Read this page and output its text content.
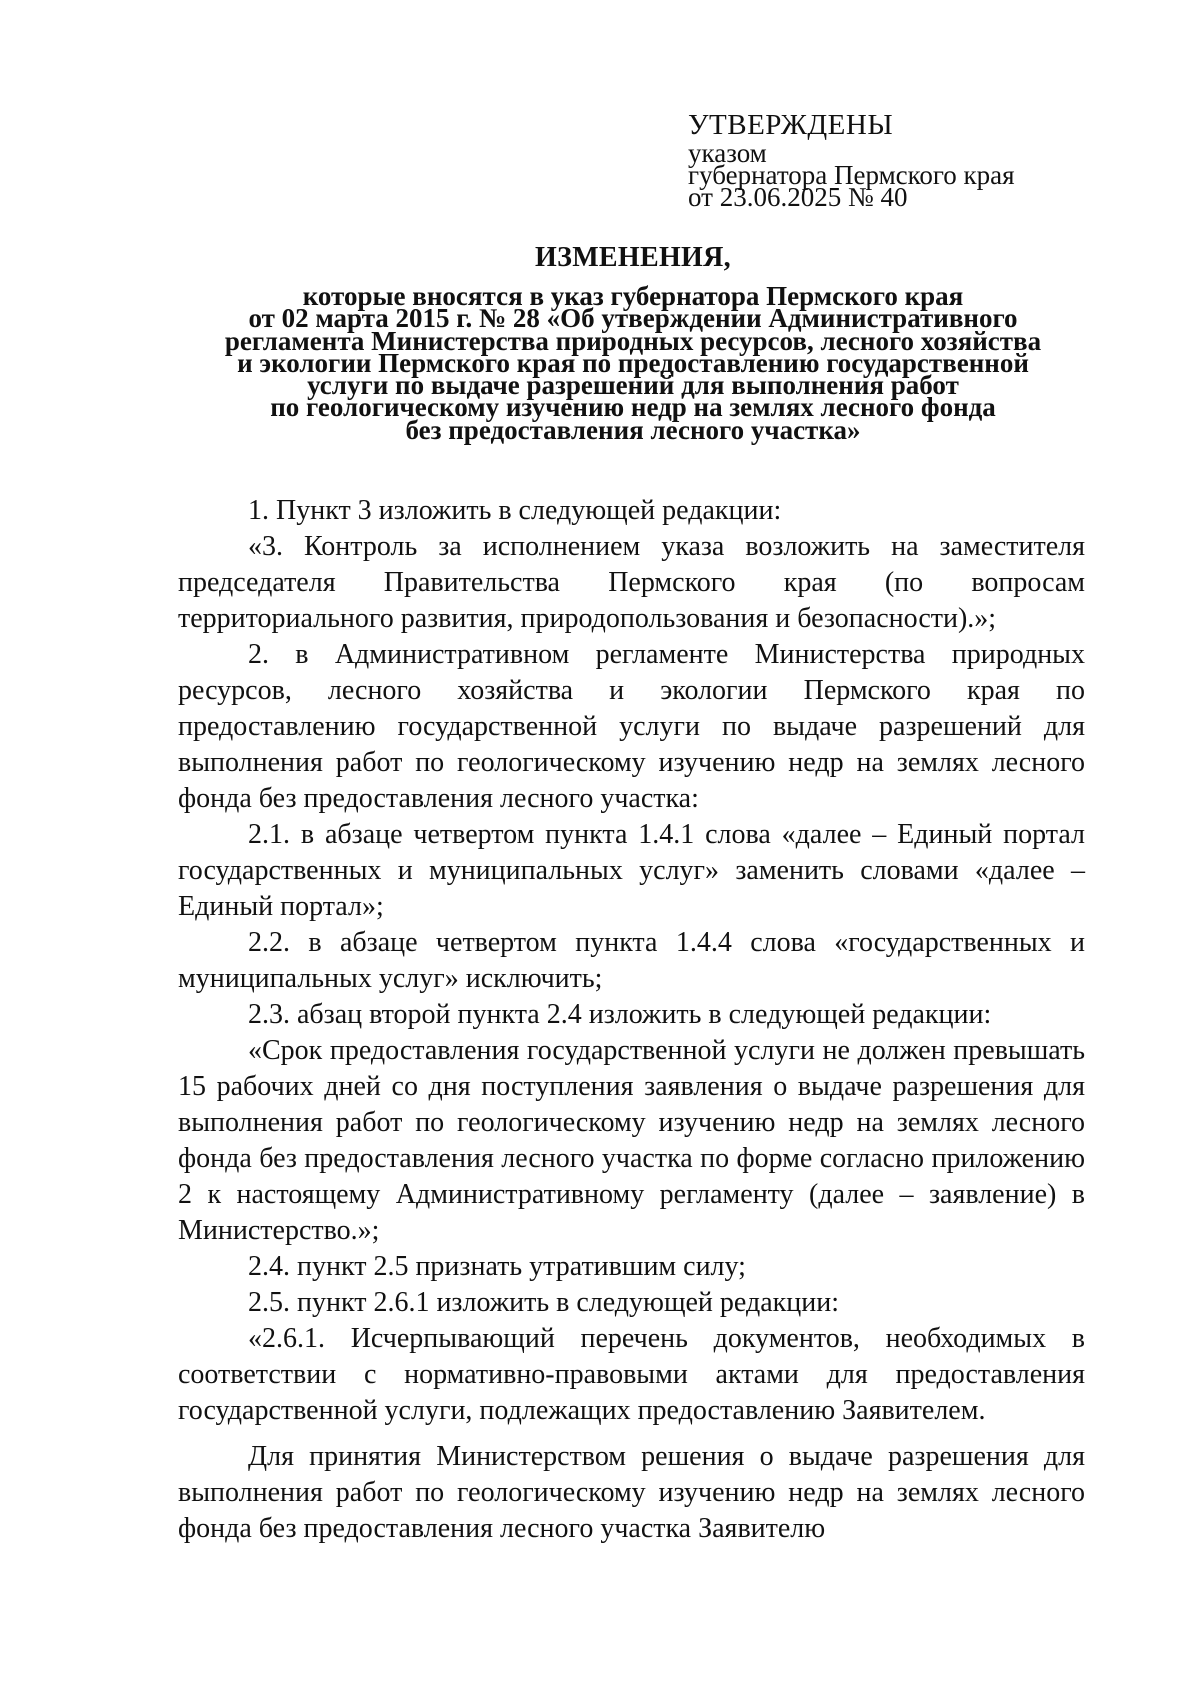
УТВЕРЖДЕНЫ
указом
губернатора Пермского края
от 23.06.2025 № 40
ИЗМЕНЕНИЯ,
которые вносятся в указ губернатора Пермского края
от 02 марта 2015 г. № 28 «Об утверждении Административного
регламента Министерства природных ресурсов, лесного хозяйства
и экологии Пермского края по предоставлению государственной
услуги по выдаче разрешений для выполнения работ
по геологическому изучению недр на землях лесного фонда
без предоставления лесного участка»

1. Пункт 3 изложить в следующей редакции:

«3. Контроль за исполнением указа возложить на заместителя председателя Правительства Пермского края (по вопросам территориального развития, природопользования и безопасности).»;

2. в Административном регламенте Министерства природных ресурсов, лесного хозяйства и экологии Пермского края по предоставлению государственной услуги по выдаче разрешений для выполнения работ по геологическому изучению недр на землях лесного фонда без предоставления лесного участка:

2.1. в абзаце четвертом пункта 1.4.1 слова «далее – Единый портал государственных и муниципальных услуг» заменить словами «далее – Единый портал»;

2.2. в абзаце четвертом пункта 1.4.4 слова «государственных и муниципальных услуг» исключить;

2.3. абзац второй пункта 2.4 изложить в следующей редакции:

«Срок предоставления государственной услуги не должен превышать 15 рабочих дней со дня поступления заявления о выдаче разрешения для выполнения работ по геологическому изучению недр на землях лесного фонда без предоставления лесного участка по форме согласно приложению 2 к настоящему Административному регламенту (далее – заявление) в Министерство.»;

2.4. пункт 2.5 признать утратившим силу;

2.5. пункт 2.6.1 изложить в следующей редакции:

«2.6.1. Исчерпывающий перечень документов, необходимых в соответствии с нормативно-правовыми актами для предоставления государственной услуги, подлежащих предоставлению Заявителем.

Для принятия Министерством решения о выдаче разрешения для выполнения работ по геологическому изучению недр на землях лесного фонда без предоставления лесного участка Заявителю
